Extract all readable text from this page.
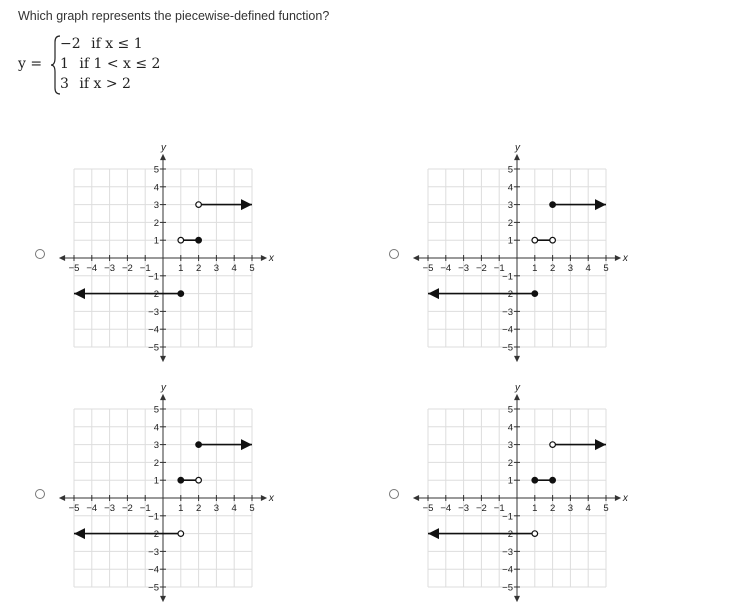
Which graph represents the piecewise-defined function?
y =
−2 if x ≤ 1
1 if 1 < x ≤ 2
3 if x > 2
x
y
−5 −4 −3 −2 −1	1 2 3 4 5
5
4
3
2
1
−1
−2
−3
−4
−5
x
y
−5 −4 −3 −2 −1	1 2 3 4 5
5
4
3
2
1
−1
−2
−3
−4
−5
x
y
−5 −4 −3 −2 −1	1 2 3 4 5
5
4
3
2
1
−1
−2
−3
−4
−5
x
y
−5 −4 −3 −2 −1	1 2 3 4 5
5
4
3
2
1
−1
−2
−3
−4
−5
